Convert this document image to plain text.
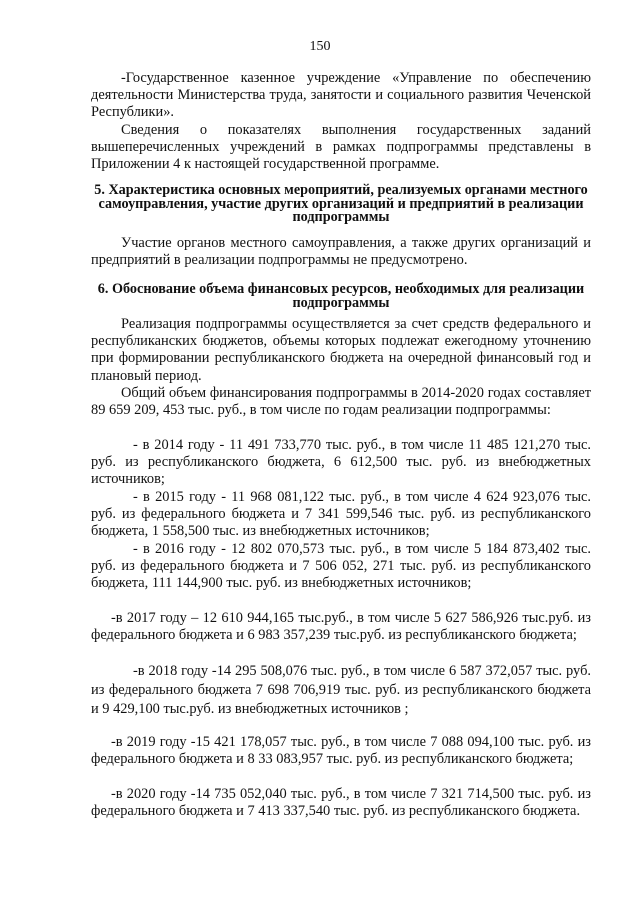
150

-Государственное казенное учреждение «Управление по обеспечению деятельности Министерства труда, занятости и социального развития Чеченской Республики».

Сведения о показателях выполнения государственных заданий вышеперечисленных учреждений в рамках подпрограммы представлены в Приложении 4 к настоящей государственной программе.

5. Характеристика основных мероприятий, реализуемых органами местного самоуправления, участие других организаций и предприятий в реализации подпрограммы

Участие органов местного самоуправления, а также других организаций и предприятий в реализации подпрограммы не предусмотрено.

6. Обоснование объема финансовых ресурсов, необходимых для реализации подпрограммы

Реализация подпрограммы осуществляется за счет средств федерального и республиканских бюджетов, объемы которых подлежат ежегодному уточнению при формировании республиканского бюджета на очередной финансовый год и плановый период.

Общий объем финансирования подпрограммы в 2014-2020 годах составляет 89 659 209, 453 тыс. руб., в том числе по годам реализации подпрограммы:

- в 2014 году - 11 491 733,770 тыс. руб., в том числе 11 485 121,270 тыс. руб. из республиканского бюджета, 6 612,500 тыс. руб. из внебюджетных источников;

- в 2015 году - 11 968 081,122 тыс. руб., в том числе 4 624 923,076 тыс. руб. из федерального бюджета и 7 341 599,546 тыс. руб. из республиканского бюджета, 1 558,500 тыс. из внебюджетных источников;

- в 2016 году - 12 802 070,573 тыс. руб., в том числе 5 184 873,402 тыс. руб. из федерального бюджета и 7 506 052, 271 тыс. руб. из республиканского бюджета, 111 144,900 тыс. руб. из внебюджетных источников;

-в 2017 году – 12 610 944,165 тыс.руб., в том числе 5 627 586,926 тыс.руб. из федерального бюджета и 6 983 357,239 тыс.руб. из республиканского бюджета;

-в 2018 году -14 295 508,076 тыс. руб., в том числе 6 587 372,057 тыс. руб. из федерального бюджета 7 698 706,919 тыс. руб. из республиканского бюджета и 9 429,100 тыс.руб. из внебюджетных источников ;

-в 2019 году -15 421 178,057 тыс. руб., в том числе 7 088 094,100 тыс. руб. из федерального бюджета и 8 33 083,957 тыс. руб. из республиканского бюджета;

-в 2020 году -14 735 052,040 тыс. руб., в том числе 7 321 714,500 тыс. руб. из федерального бюджета и 7 413 337,540 тыс. руб. из республиканского бюджета.
